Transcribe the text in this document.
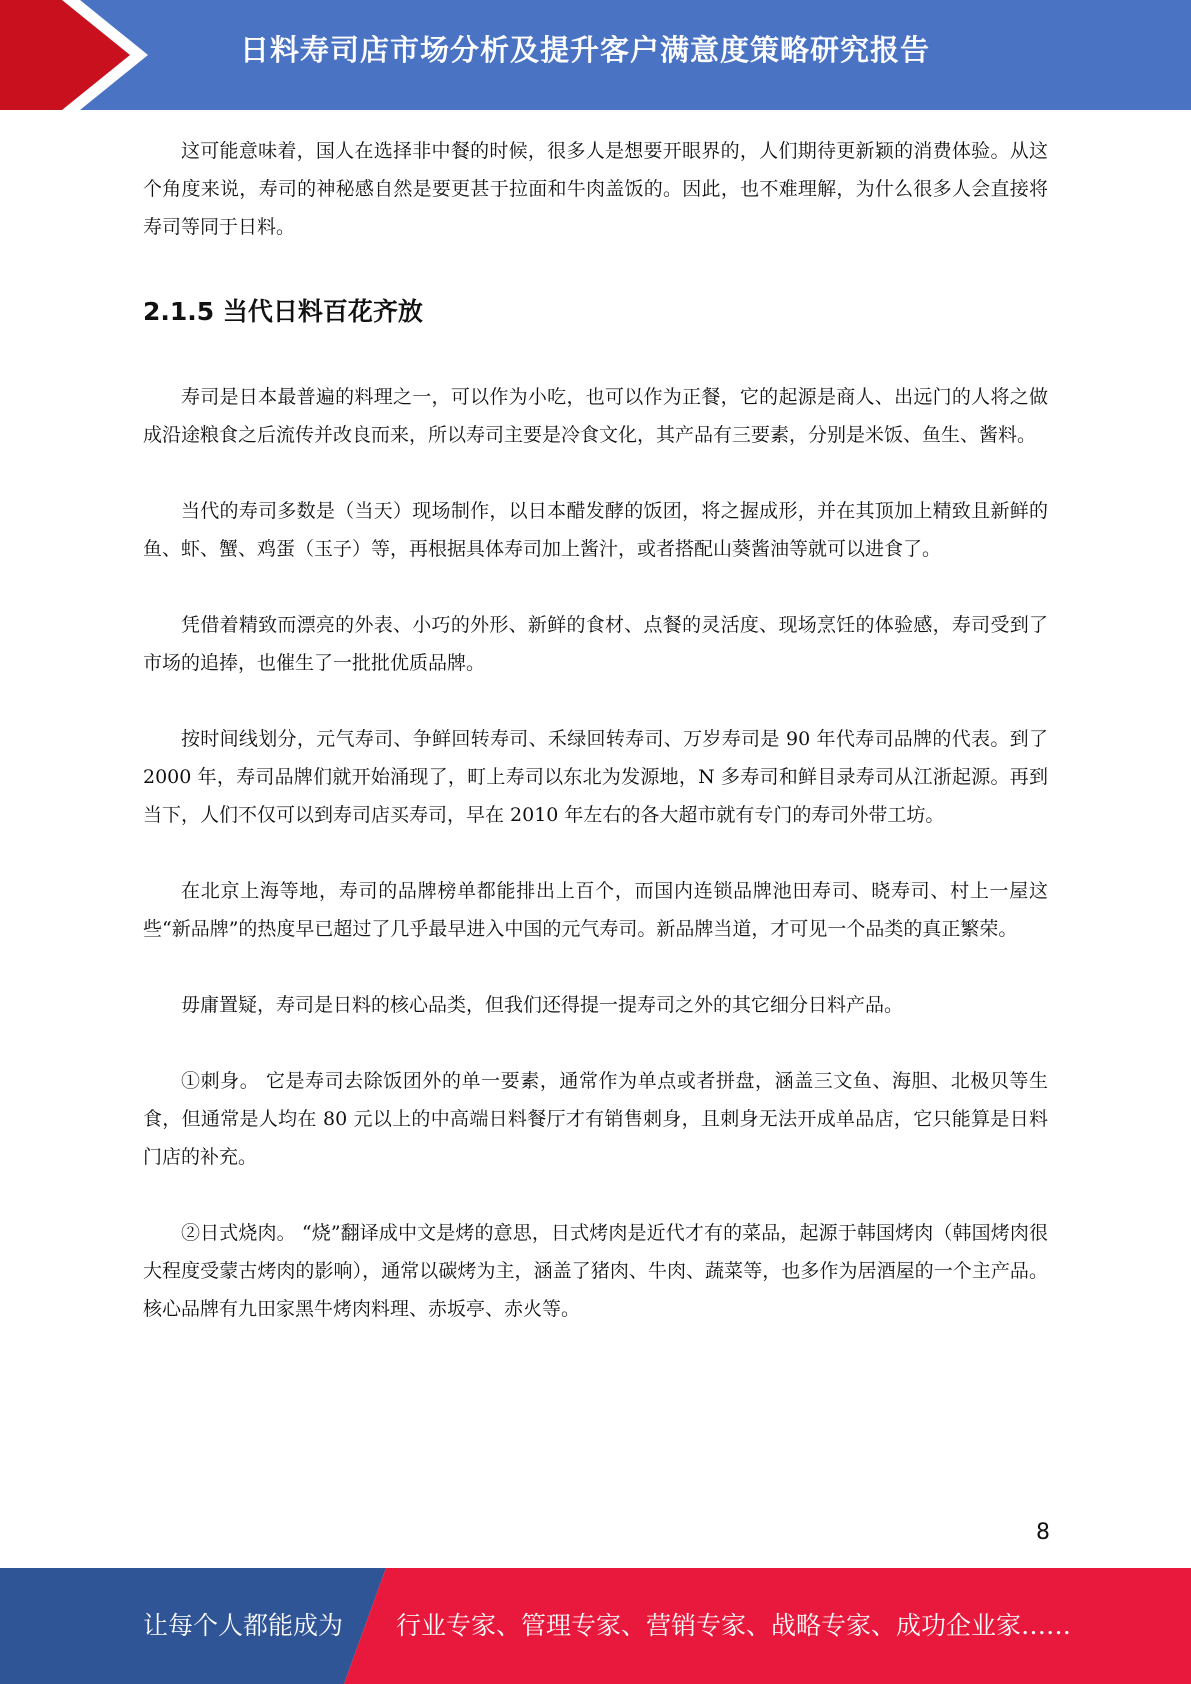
日料寿司店市场分析及提升客户满意度策略研究报告

这可能意味着，国人在选择非中餐的时候，很多人是想要开眼界的，人们期待更新颖的消费体验。从这个角度来说，寿司的神秘感自然是要更甚于拉面和牛肉盖饭的。因此，也不难理解，为什么很多人会直接将寿司等同于日料。

2.1.5 当代日料百花齐放

寿司是日本最普遍的料理之一，可以作为小吃，也可以作为正餐，它的起源是商人、出远门的人将之做成沿途粮食之后流传并改良而来，所以寿司主要是冷食文化，其产品有三要素，分别是米饭、鱼生、酱料。

当代的寿司多数是（当天）现场制作，以日本醋发酵的饭团，将之握成形，并在其顶加上精致且新鲜的鱼、虾、蟹、鸡蛋（玉子）等，再根据具体寿司加上酱汁，或者搭配山葵酱油等就可以进食了。

凭借着精致而漂亮的外表、小巧的外形、新鲜的食材、点餐的灵活度、现场烹饪的体验感，寿司受到了市场的追捧，也催生了一批批优质品牌。

按时间线划分，元气寿司、争鲜回转寿司、禾绿回转寿司、万岁寿司是 90 年代寿司品牌的代表。到了 2000 年，寿司品牌们就开始涌现了，町上寿司以东北为发源地，N 多寿司和鲜目录寿司从江浙起源。再到当下，人们不仅可以到寿司店买寿司，早在 2010 年左右的各大超市就有专门的寿司外带工坊。

在北京上海等地，寿司的品牌榜单都能排出上百个，而国内连锁品牌池田寿司、晓寿司、村上一屋这些“新品牌”的热度早已超过了几乎最早进入中国的元气寿司。新品牌当道，才可见一个品类的真正繁荣。

毋庸置疑，寿司是日料的核心品类，但我们还得提一提寿司之外的其它细分日料产品。

①刺身。 它是寿司去除饭团外的单一要素，通常作为单点或者拼盘，涵盖三文鱼、海胆、北极贝等生食，但通常是人均在 80 元以上的中高端日料餐厅才有销售刺身，且刺身无法开成单品店，它只能算是日料门店的补充。

②日式烧肉。 “烧”翻译成中文是烤的意思，日式烤肉是近代才有的菜品，起源于韩国烤肉（韩国烤肉很大程度受蒙古烤肉的影响），通常以碳烤为主，涵盖了猪肉、牛肉、蔬菜等，也多作为居酒屋的一个主产品。核心品牌有九田家黑牛烤肉料理、赤坂亭、赤火等。

8
让每个人都能成为 行业专家、管理专家、营销专家、战略专家、成功企业家……
